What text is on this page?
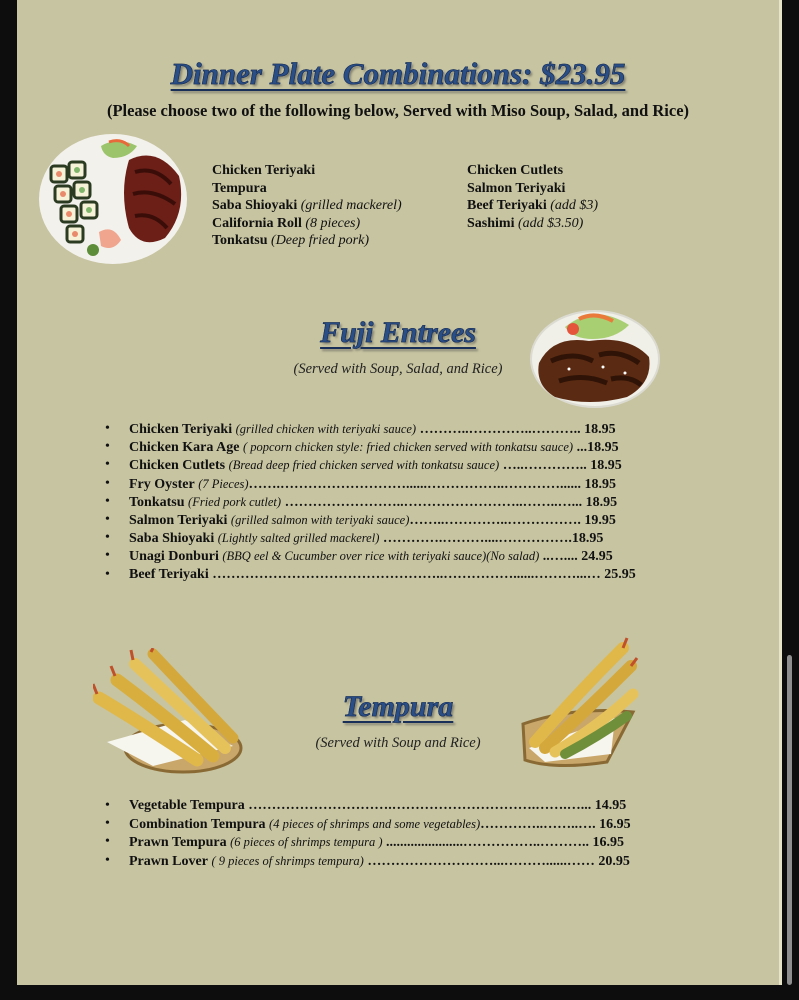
Dinner Plate Combinations: $23.95
(Please choose two of the following below, Served with Miso Soup, Salad, and Rice)
Chicken Teriyaki
Tempura
Saba Shioyaki (grilled mackerel)
California Roll (8 pieces)
Tonkatsu (Deep fried pork)
Chicken Cutlets
Salmon Teriyaki
Beef Teriyaki (add $3)
Sashimi (add $3.50)
Fuji Entrees
(Served with Soup, Salad, and Rice)
• Chicken Teriyaki (grilled chicken with teriyaki sauce) ………..…………..……….. 18.95
• Chicken Kara Age ( popcorn chicken style: fried chicken served with tonkatsu sauce) ...18.95
• Chicken Cutlets (Bread deep fried chicken served with tonkatsu sauce) …..………….. 18.95
• Fry Oyster (7 Pieces)…….………………………......……………..…………...... 18.95
• Tonkatsu (Fried pork cutlet) ……………………..……………………..……..…... 18.95
• Salmon Teriyaki (grilled salmon with teriyaki sauce)……..…………..……………. 19.95
• Saba Shioyaki (Lightly salted grilled mackerel) ………….………....…………….18.95
• Unagi Donburi (BBQ eel & Cucumber over rice with teriyaki sauce)(No salad) ..….... 24.95
• Beef Teriyaki …………………………………………..……………......………...… 25.95
Tempura
(Served with Soup and Rice)
• Vegetable Tempura ………………………….………………………….…….…... 14.95
• Combination Tempura (4 pieces of shrimps and some vegetables)…………..……..…. 16.95
• Prawn Tempura (6 pieces of shrimps tempura ) ......................……………..……….. 16.95
• Prawn Lover ( 9 pieces of shrimps tempura) ………………………...………......…… 20.95
